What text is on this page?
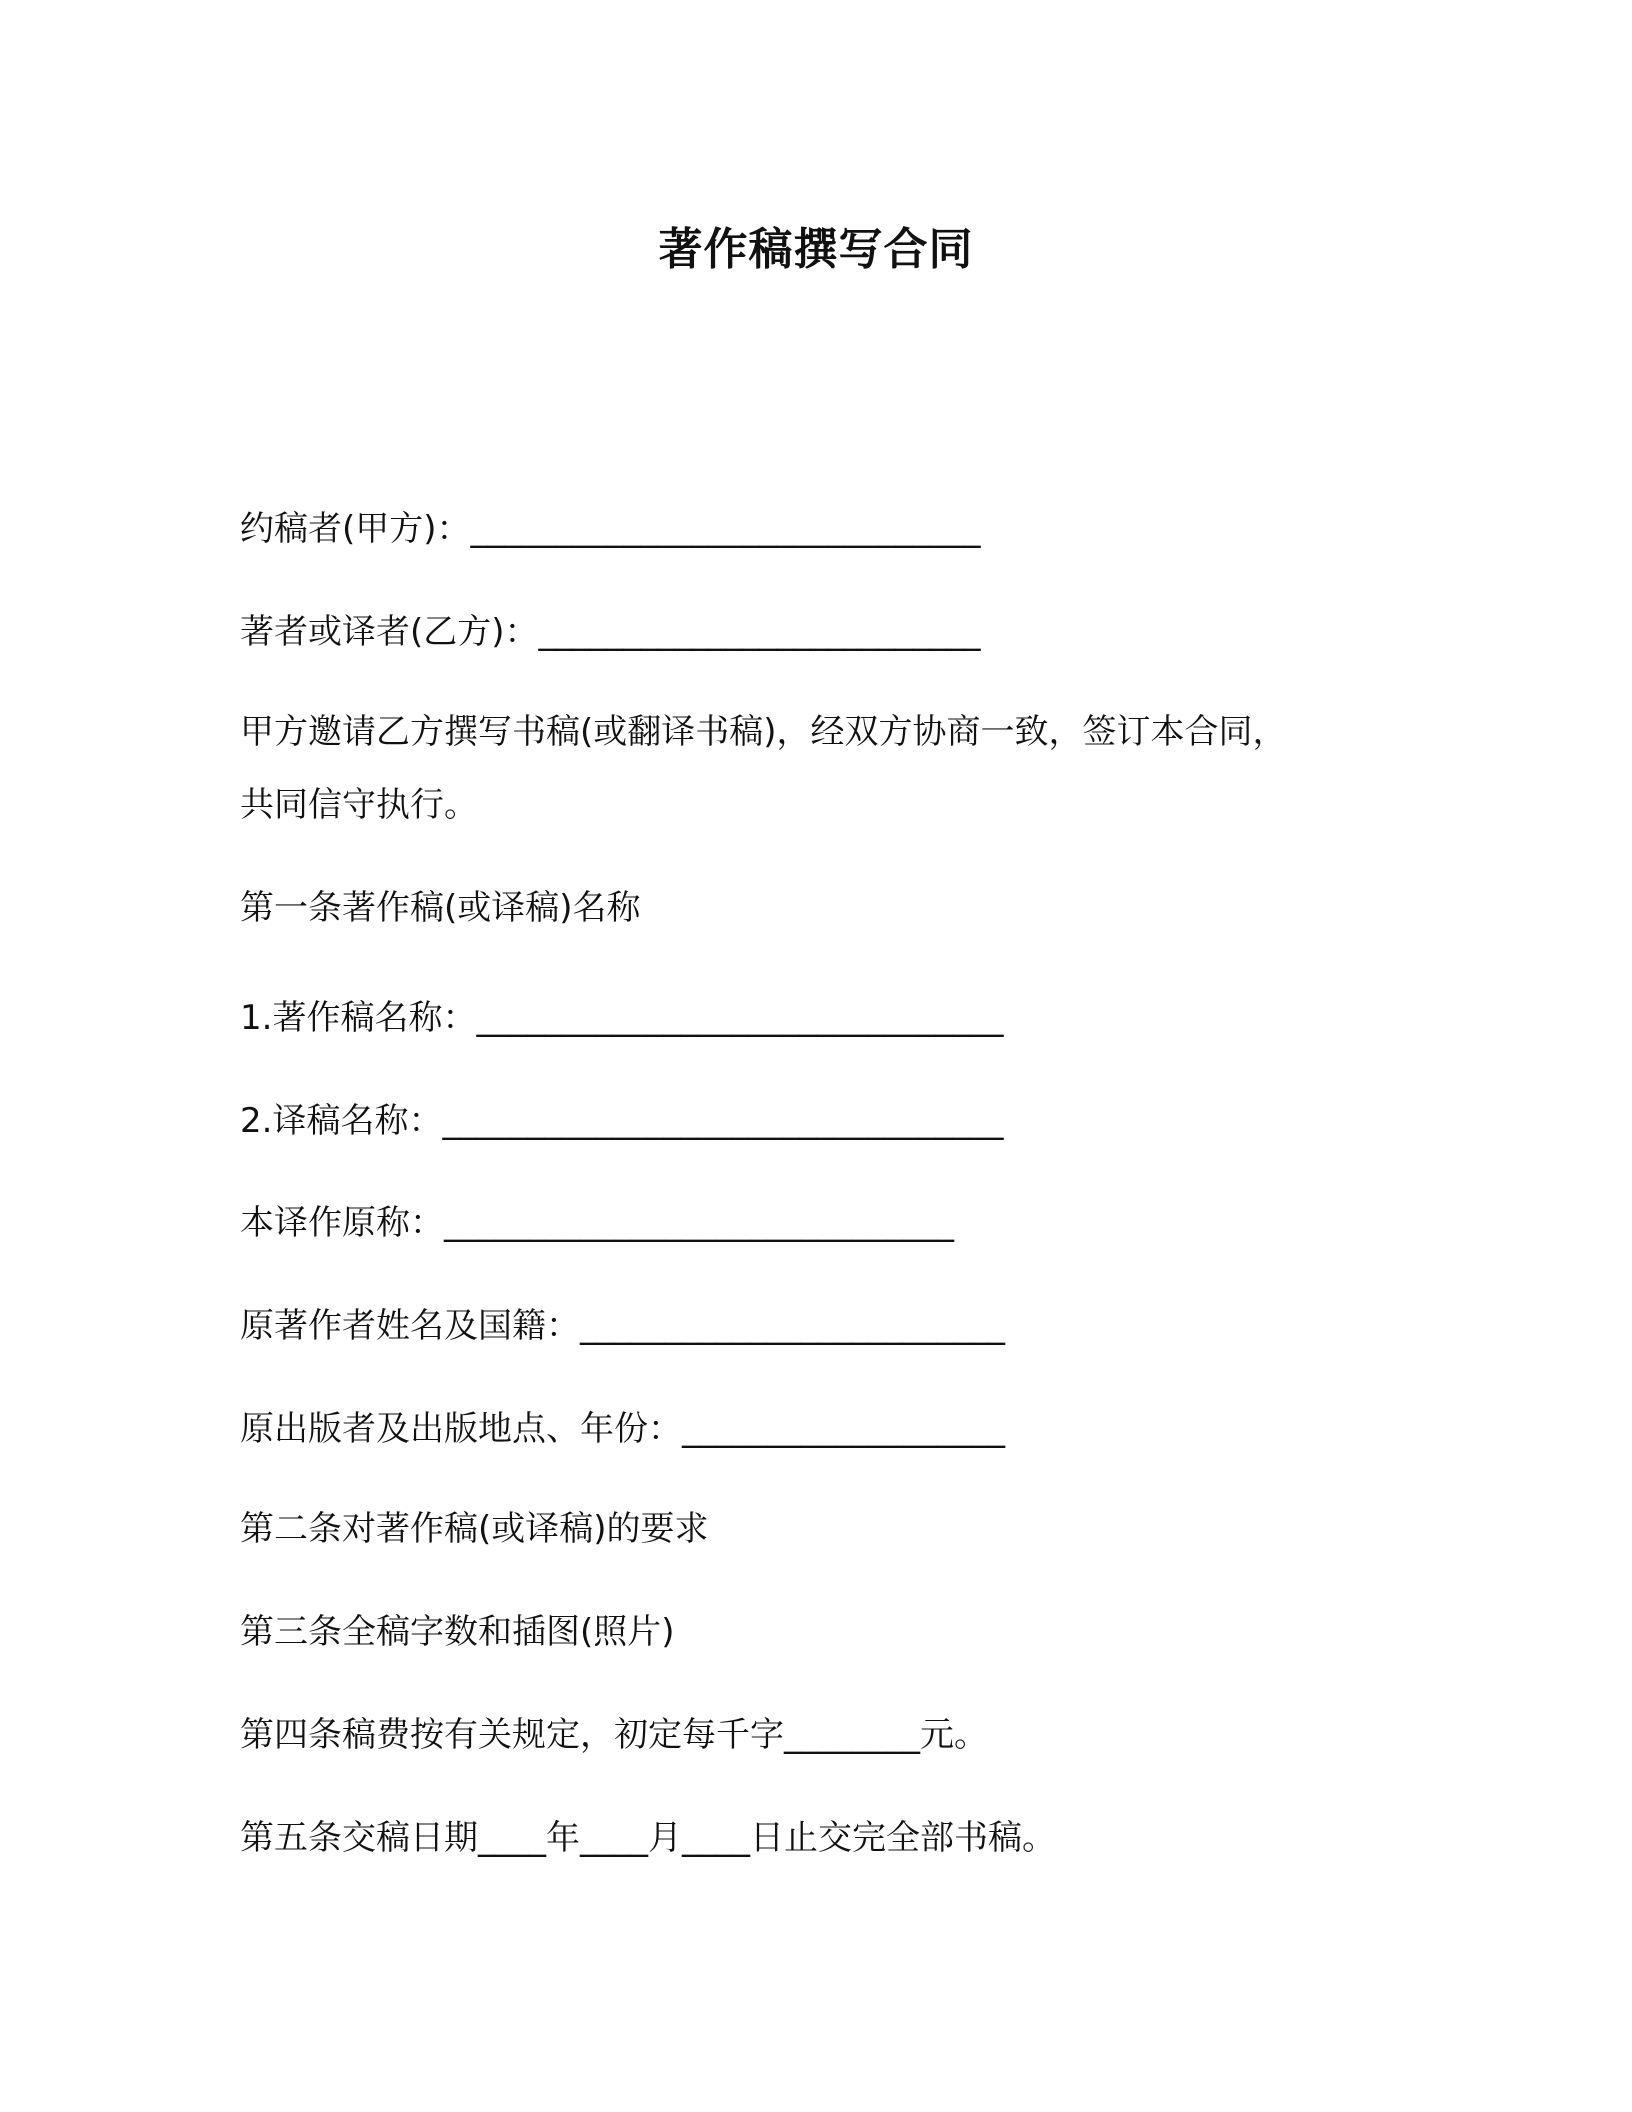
著作稿撰写合同
约稿者(甲方)：______________________________
著者或译者(乙方)：__________________________
甲方邀请乙方撰写书稿(或翻译书稿)，经双方协商一致，签订本合同，
共同信守执行。
第一条著作稿(或译稿)名称
1.著作稿名称：_______________________________
2.译稿名称：_________________________________
本译作原称：______________________________
原著作者姓名及国籍：_________________________
原出版者及出版地点、年份：___________________
第二条对著作稿(或译稿)的要求
第三条全稿字数和插图(照片)
第四条稿费按有关规定，初定每千字________元。
第五条交稿日期____年____月____日止交完全部书稿。
